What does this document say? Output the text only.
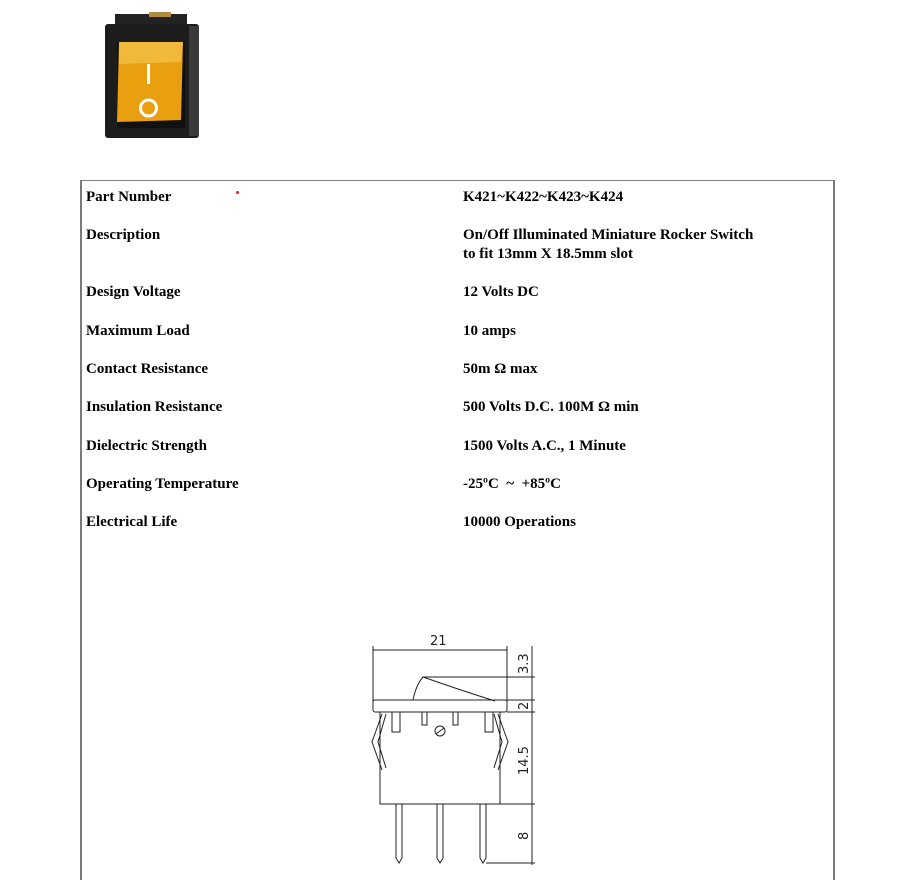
Part Number	K421~K422~K423~K424
Description	On/Off Illuminated Miniature Rocker Switch
to fit 13mm X 18.5mm slot
Design Voltage	12 Volts DC
Maximum Load	10 amps
Contact Resistance	50m Ω max
Insulation Resistance	500 Volts D.C. 100M Ω min
Dielectric Strength	1500 Volts A.C., 1 Minute
Operating Temperature	-25ºC  ~  +85ºC
Electrical Life	10000 Operations
21
3.3
2
14.5
8
